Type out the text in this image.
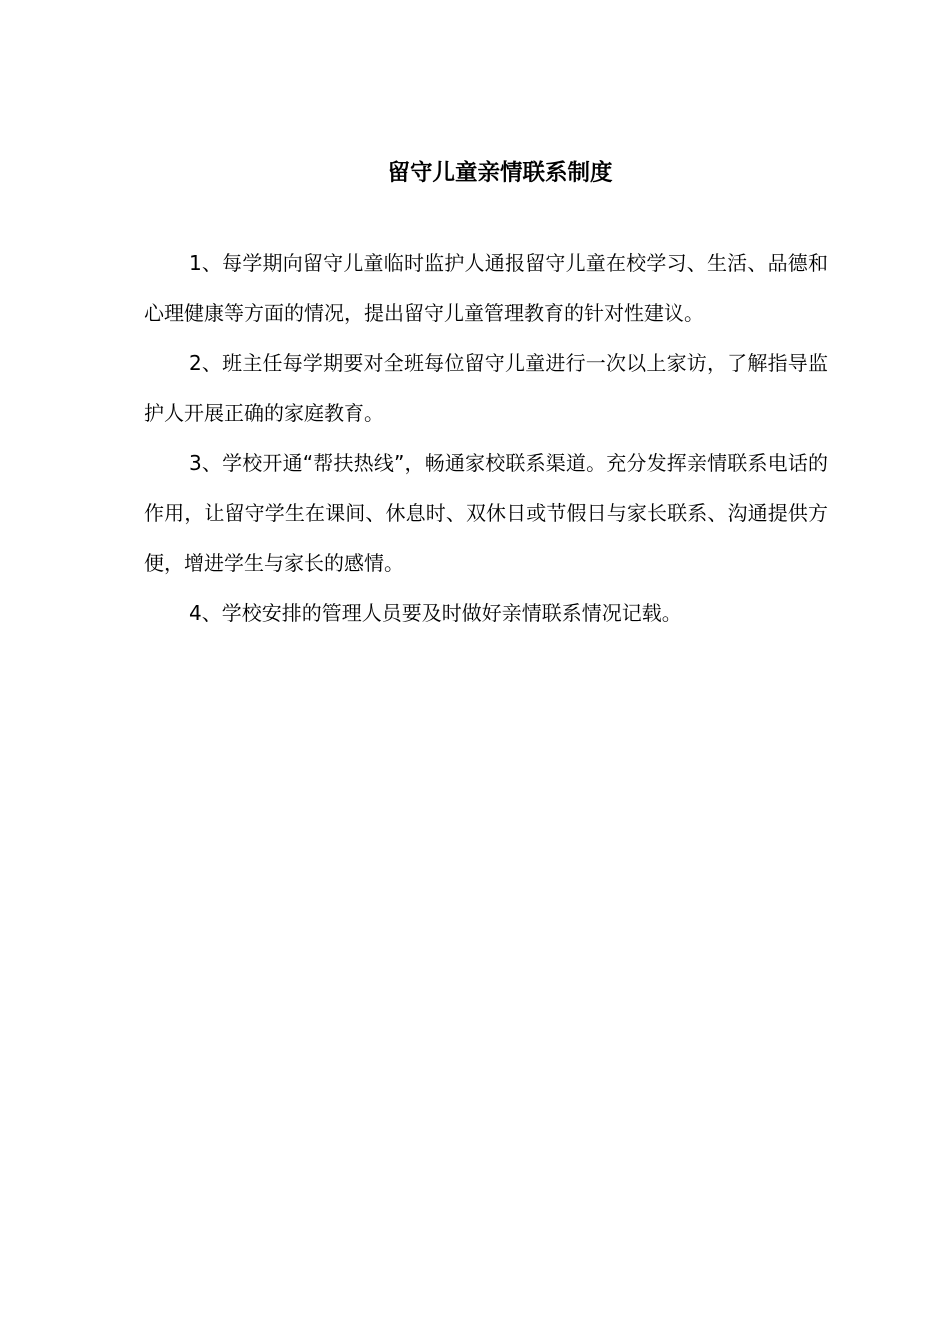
留守儿童亲情联系制度

1、每学期向留守儿童临时监护人通报留守儿童在校学习、生活、品德和心理健康等方面的情况，提出留守儿童管理教育的针对性建议。

2、班主任每学期要对全班每位留守儿童进行一次以上家访，了解指导监护人开展正确的家庭教育。

3、学校开通“帮扶热线”，畅通家校联系渠道。充分发挥亲情联系电话的作用，让留守学生在课间、休息时、双休日或节假日与家长联系、沟通提供方便，增进学生与家长的感情。

4、学校安排的管理人员要及时做好亲情联系情况记载。
